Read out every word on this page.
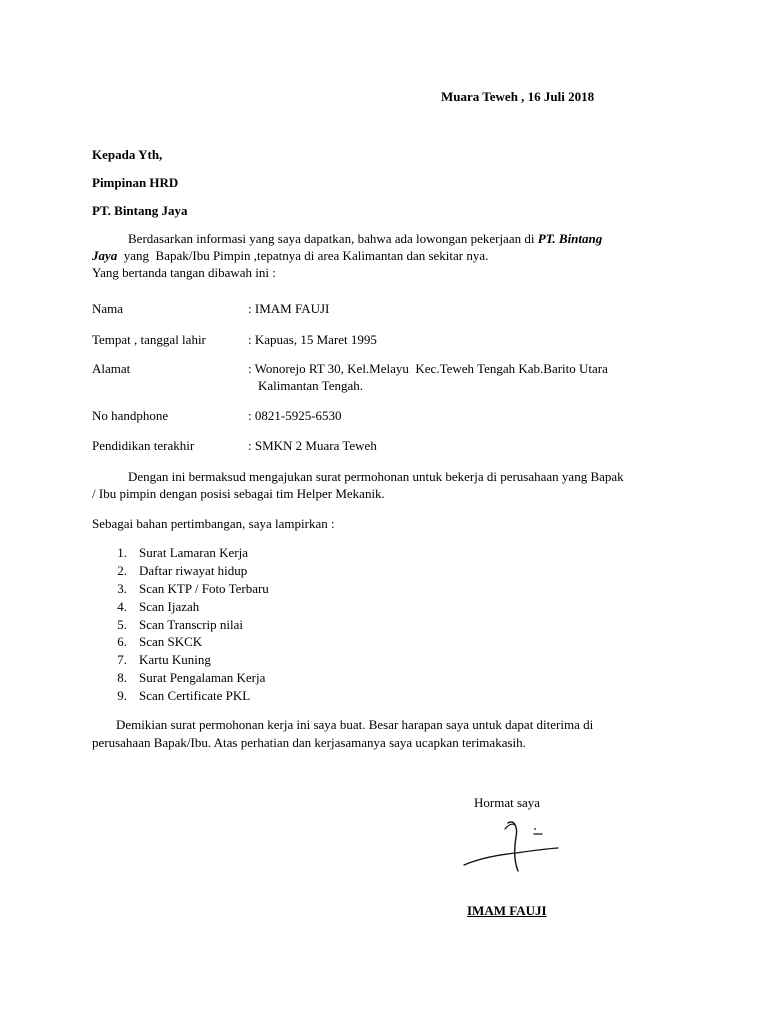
Muara Teweh , 16 Juli 2018
Kepada Yth,
Pimpinan HRD
PT. Bintang Jaya
Berdasarkan informasi yang saya dapatkan, bahwa ada lowongan pekerjaan di PT. Bintang
Jaya  yang  Bapak/Ibu Pimpin ,tepatnya di area Kalimantan dan sekitar nya.
Yang bertanda tangan dibawah ini :
Nama	: IMAM FAUJI
Tempat , tanggal lahir	: Kapuas, 15 Maret 1995
Alamat	: Wonorejo RT 30, Kel.Melayu  Kec.Teweh Tengah Kab.Barito Utara
Kalimantan Tengah.
No handphone	: 0821-5925-6530
Pendidikan terakhir	: SMKN 2 Muara Teweh
Dengan ini bermaksud mengajukan surat permohonan untuk bekerja di perusahaan yang Bapak
/ Ibu pimpin dengan posisi sebagai tim Helper Mekanik.
Sebagai bahan pertimbangan, saya lampirkan :
1. Surat Lamaran Kerja
2. Daftar riwayat hidup
3. Scan KTP / Foto Terbaru
4. Scan Ijazah
5. Scan Transcrip nilai
6. Scan SKCK
7. Kartu Kuning
8. Surat Pengalaman Kerja
9. Scan Certificate PKL
Demikian surat permohonan kerja ini saya buat. Besar harapan saya untuk dapat diterima di
perusahaan Bapak/Ibu. Atas perhatian dan kerjasamanya saya ucapkan terimakasih.
Hormat saya
IMAM FAUJI
